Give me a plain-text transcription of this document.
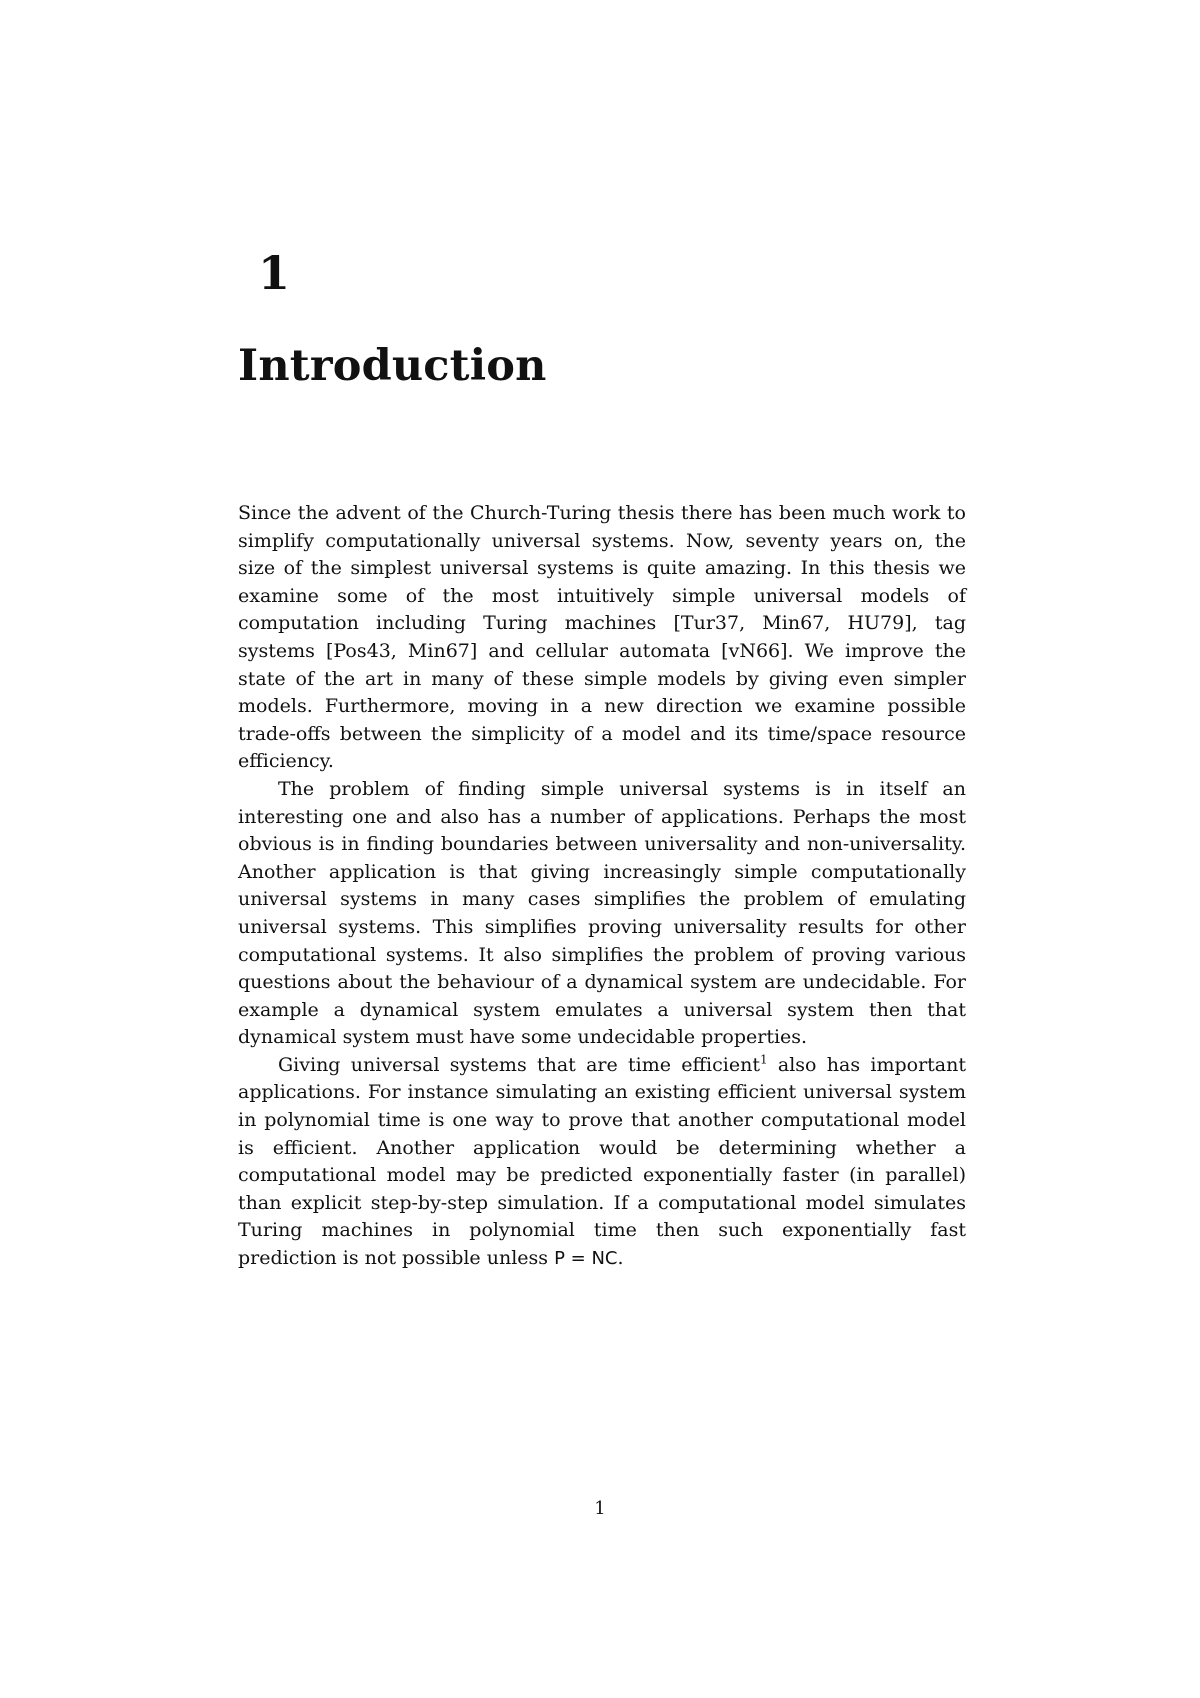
1
Introduction

Since the advent of the Church-Turing thesis there has been much work to simplify computationally universal systems. Now, seventy years on, the size of the simplest universal systems is quite amazing. In this thesis we examine some of the most intuitively simple universal models of computation including Turing machines [Tur37, Min67, HU79], tag systems [Pos43, Min67] and cellular automata [vN66]. We improve the state of the art in many of these simple models by giving even simpler models. Furthermore, moving in a new direction we examine possible trade-offs between the simplicity of a model and its time/space resource efficiency.

The problem of finding simple universal systems is in itself an interesting one and also has a number of applications. Perhaps the most obvious is in finding boundaries between universality and non-universality. Another application is that giving increasingly simple computationally universal systems in many cases simplifies the problem of emulating universal systems. This simplifies proving universality results for other computational systems. It also simplifies the problem of proving various questions about the behaviour of a dynamical system are undecidable. For example a dynamical system emulates a universal system then that dynamical system must have some undecidable properties.

Giving universal systems that are time efficient$^1$ also has important applications. For instance simulating an existing efficient universal system in polynomial time is one way to prove that another computational model is efficient. Another application would be determining whether a computational model may be predicted exponentially faster (in parallel) than explicit step-by-step simulation. If a computational model simulates Turing machines in polynomial time then such exponentially fast prediction is not possible unless P = NC.

1
